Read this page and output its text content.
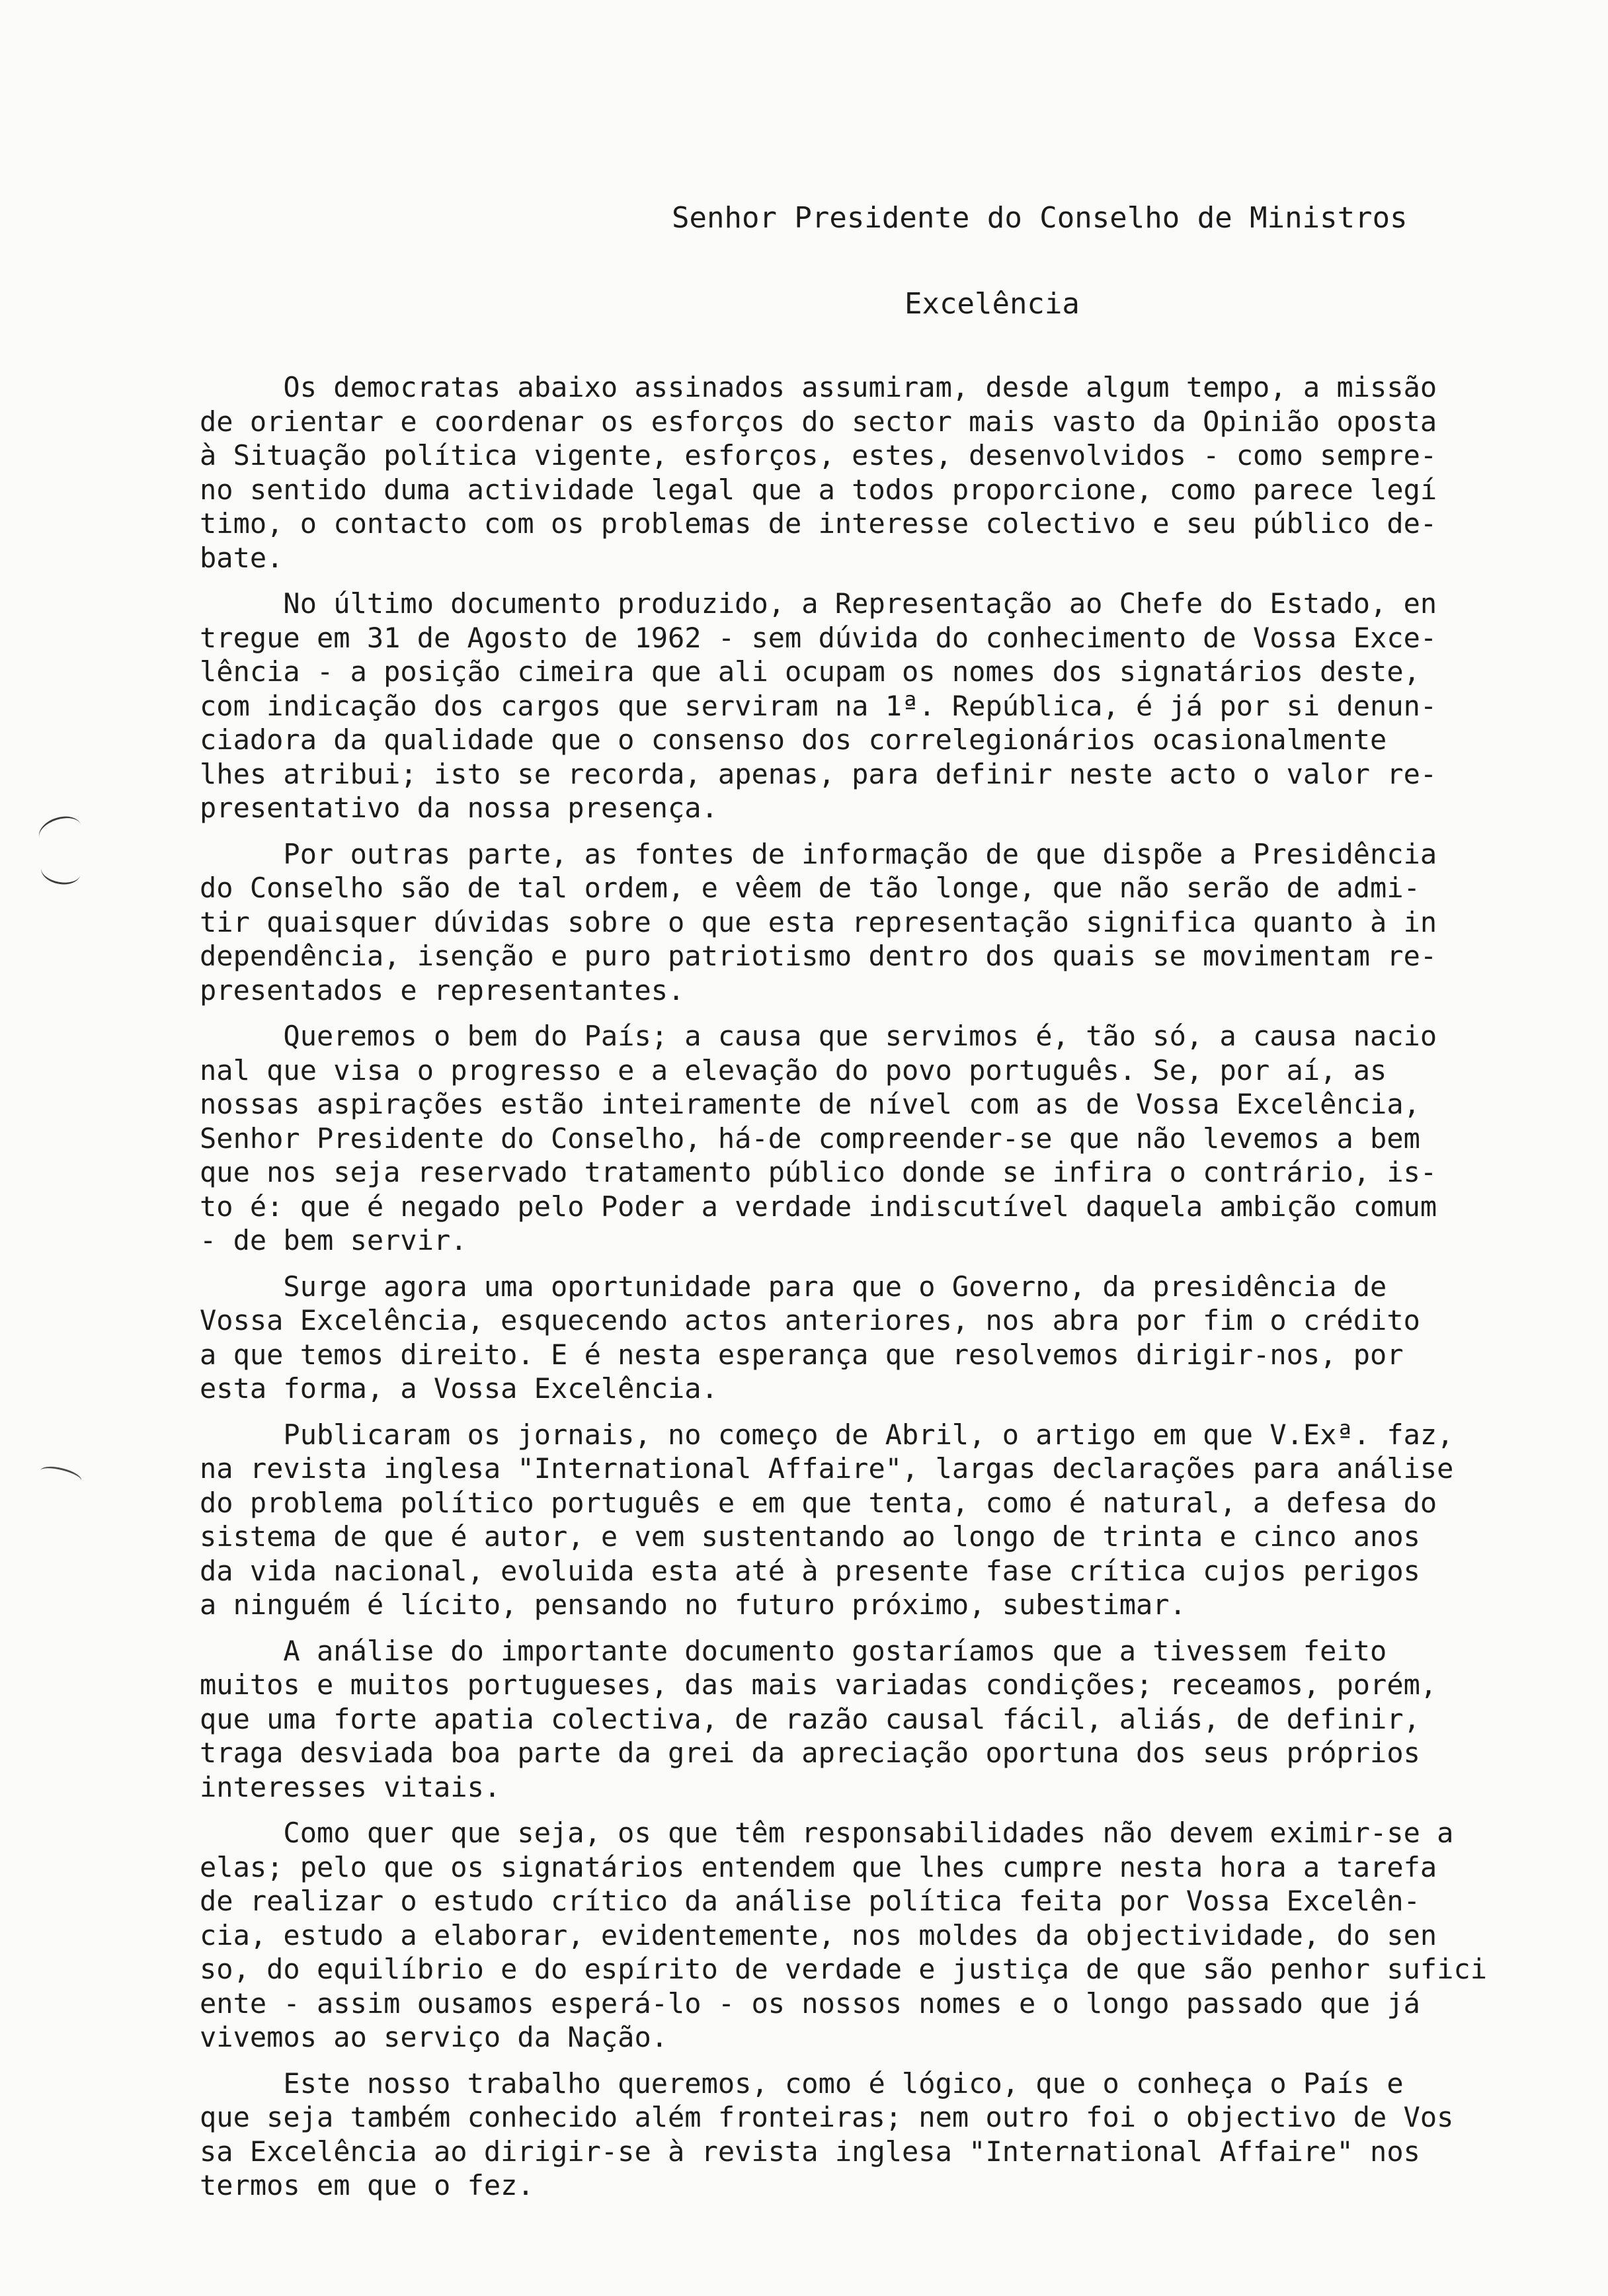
Senhor Presidente do Conselho de Ministros
Excelência

Os democratas abaixo assinados assumiram, desde algum tempo, a missão
de orientar e coordenar os esforços do sector mais vasto da Opinião oposta
à Situação política vigente, esforços, estes, desenvolvidos - como sempre-
no sentido duma actividade legal que a todos proporcione, como parece legí
timo, o contacto com os problemas de interesse colectivo e seu público de-
bate.

No último documento produzido, a Representação ao Chefe do Estado, en
tregue em 31 de Agosto de 1962 - sem dúvida do conhecimento de Vossa Exce-
lência - a posição cimeira que ali ocupam os nomes dos signatários deste,
com indicação dos cargos que serviram na 1ª. República, é já por si denun-
ciadora da qualidade que o consenso dos correlegionários ocasionalmente
lhes atribui; isto se recorda, apenas, para definir neste acto o valor re-
presentativo da nossa presença.

Por outras parte, as fontes de informação de que dispõe a Presidência
do Conselho são de tal ordem, e vêem de tão longe, que não serão de admi-
tir quaisquer dúvidas sobre o que esta representação significa quanto à in
dependência, isenção e puro patriotismo dentro dos quais se movimentam re-
presentados e representantes.

Queremos o bem do País; a causa que servimos é, tão só, a causa nacio
nal que visa o progresso e a elevação do povo português. Se, por aí, as
nossas aspirações estão inteiramente de nível com as de Vossa Excelência,
Senhor Presidente do Conselho, há-de compreender-se que não levemos a bem
que nos seja reservado tratamento público donde se infira o contrário, is-
to é: que é negado pelo Poder a verdade indiscutível daquela ambição comum
- de bem servir.

Surge agora uma oportunidade para que o Governo, da presidência de
Vossa Excelência, esquecendo actos anteriores, nos abra por fim o crédito
a que temos direito. E é nesta esperança que resolvemos dirigir-nos, por
esta forma, a Vossa Excelência.

Publicaram os jornais, no começo de Abril, o artigo em que V.Exª. faz,
na revista inglesa "International Affaire", largas declarações para análise
do problema político português e em que tenta, como é natural, a defesa do
sistema de que é autor, e vem sustentando ao longo de trinta e cinco anos
da vida nacional, evoluida esta até à presente fase crítica cujos perigos
a ninguém é lícito, pensando no futuro próximo, subestimar.

A análise do importante documento gostaríamos que a tivessem feito
muitos e muitos portugueses, das mais variadas condições; receamos, porém,
que uma forte apatia colectiva, de razão causal fácil, aliás, de definir,
traga desviada boa parte da grei da apreciação oportuna dos seus próprios
interesses vitais.

Como quer que seja, os que têm responsabilidades não devem eximir-se a
elas; pelo que os signatários entendem que lhes cumpre nesta hora a tarefa
de realizar o estudo crítico da análise política feita por Vossa Excelên-
cia, estudo a elaborar, evidentemente, nos moldes da objectividade, do sen
so, do equilíbrio e do espírito de verdade e justiça de que são penhor sufici
ente - assim ousamos esperá-lo - os nossos nomes e o longo passado que já
vivemos ao serviço da Nação.

Este nosso trabalho queremos, como é lógico, que o conheça o País e
que seja também conhecido além fronteiras; nem outro foi o objectivo de Vos
sa Excelência ao dirigir-se à revista inglesa "International Affaire" nos
termos em que o fez.
